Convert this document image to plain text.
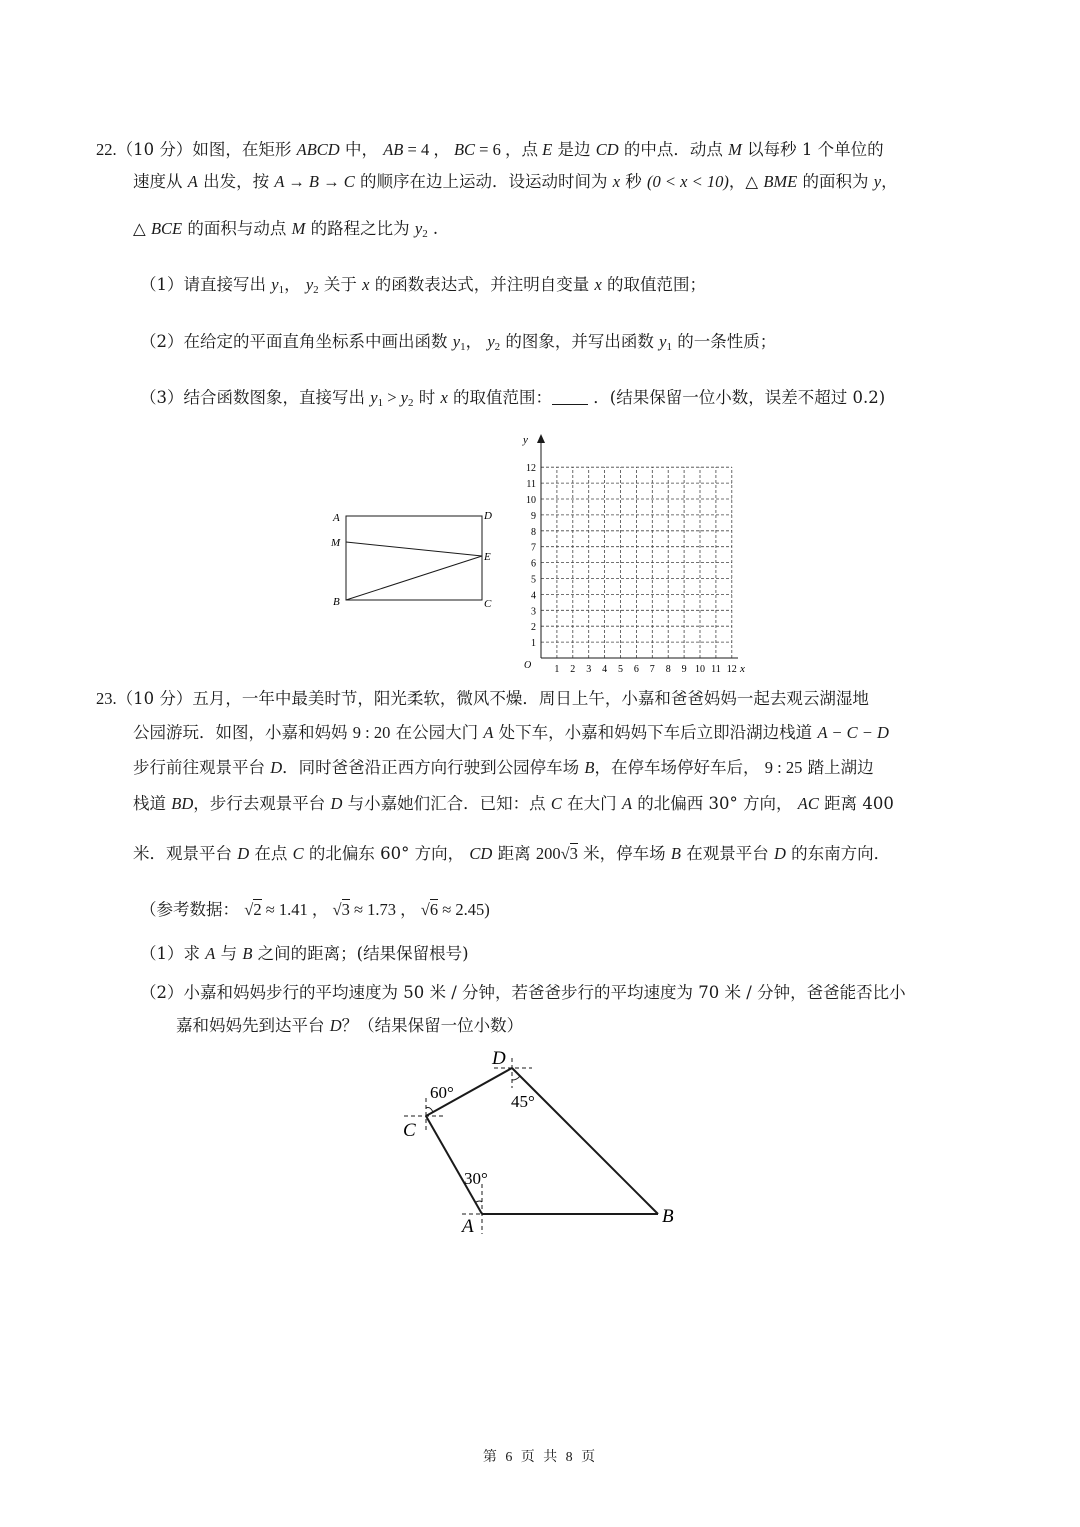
22.（10 分）如图，在矩形 ABCD 中， AB = 4 ， BC = 6 ，点 E 是边 CD 的中点．动点 M 以每秒 1 个单位的
速度从 A 出发，按 A → B → C 的顺序在边上运动．设运动时间为 x 秒 (0 < x < 10)，△ BME 的面积为 y，
△ BCE 的面积与动点 M 的路程之比为 $y_2$ .
（1）请直接写出 $y_1$， $y_2$ 关于 x 的函数表达式，并注明自变量 x 的取值范围；
（2）在给定的平面直角坐标系中画出函数 $y_1$， $y_2$ 的图象，并写出函数 $y_1$ 的一条性质；
（3）结合函数图象，直接写出 $y_1 > y_2$ 时 x 的取值范围： ．(结果保留一位小数，误差不超过 0.2)
A	D
M
E
B	C
y
x
O
1
2
3
4
5
6
7
8
9
10
11
12
1 2 3 4 5 6 7 8 9 10 11 12
23.（10 分）五月，一年中最美时节，阳光柔软，微风不燥．周日上午，小嘉和爸爸妈妈一起去观云湖湿地
公园游玩．如图，小嘉和妈妈 9 : 20 在公园大门 A 处下车，小嘉和妈妈下车后立即沿湖边栈道 A − C − D
步行前往观景平台 D．同时爸爸沿正西方向行驶到公园停车场 B，在停车场停好车后， 9 : 25 踏上湖边
栈道 BD，步行去观景平台 D 与小嘉她们汇合．已知：点 C 在大门 A 的北偏西 30° 方向， AC 距离 400
米．观景平台 D 在点 C 的北偏东 60° 方向， CD 距离 200√3 米，停车场 B 在观景平台 D 的东南方向．
（参考数据： √2 ≈ 1.41 ， √3 ≈ 1.73 ， √6 ≈ 2.45)
（1）求 A 与 B 之间的距离；(结果保留根号)
（2）小嘉和妈妈步行的平均速度为 50 米 / 分钟，若爸爸步行的平均速度为 70 米 / 分钟，爸爸能否比小
嘉和妈妈先到达平台 D？（结果保留一位小数）
D
C
A	B
60°	45°
30°
第 6 页 共 8 页
